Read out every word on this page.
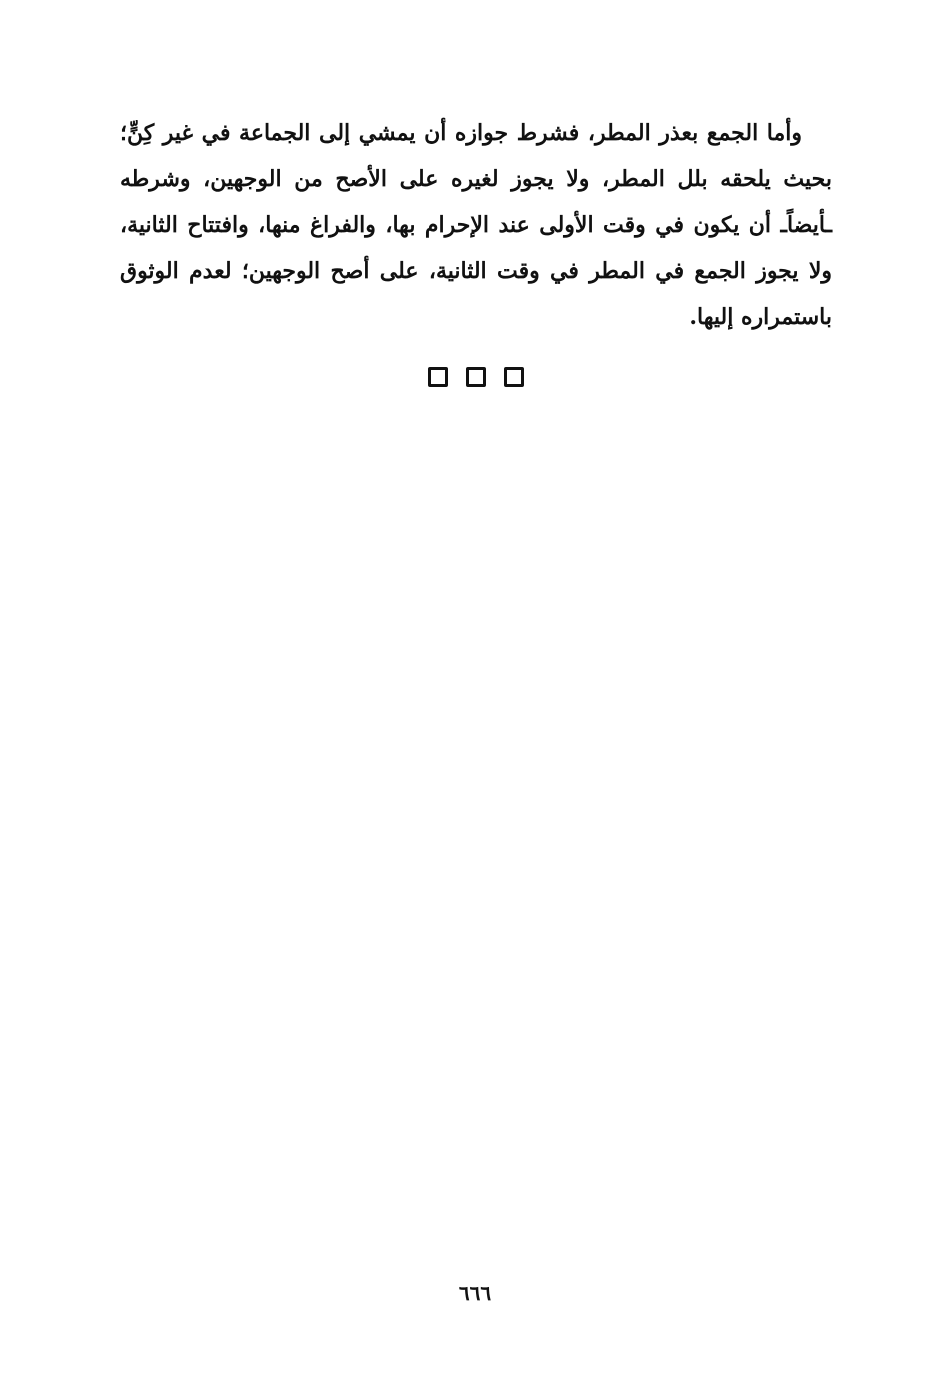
وأما الجمع بعذر المطر، فشرط جوازه أن يمشي إلى الجماعة في غير كِنٍّ؛
بحيث يلحقه بلل المطر، ولا يجوز لغيره على الأصح من الوجهين، وشرطه
ـأيضاًـ أن يكون في وقت الأولى عند الإحرام بها، والفراغ منها، وافتتاح الثانية،
ولا يجوز الجمع في المطر في وقت الثانية، على أصح الوجهين؛ لعدم الوثوق
باستمراره إليها.
٦٦٦
